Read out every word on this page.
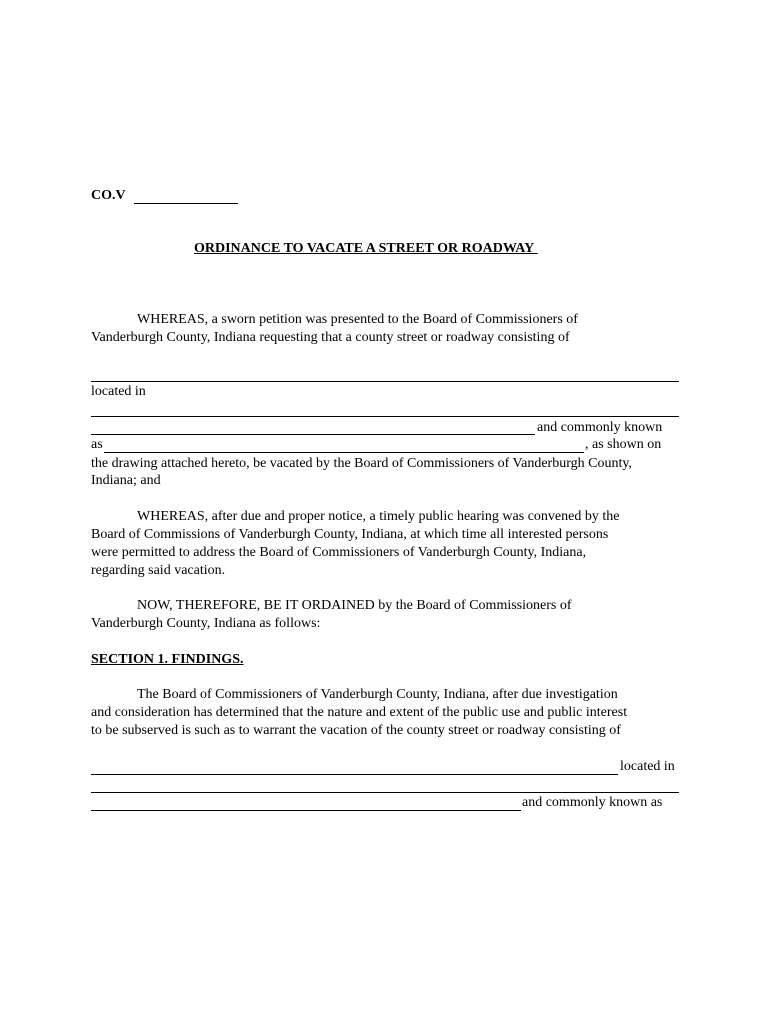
CO.V
ORDINANCE TO VACATE A STREET OR ROADWAY
WHEREAS, a sworn petition was presented to the Board of Commissioners of
Vanderburgh County, Indiana requesting that a county street or roadway consisting of
located in
and commonly known
as	, as shown on
the drawing attached hereto, be vacated by the Board of Commissioners of Vanderburgh County,
Indiana; and
WHEREAS, after due and proper notice, a timely public hearing was convened by the
Board of Commissions of Vanderburgh County, Indiana, at which time all interested persons
were permitted to address the Board of Commissioners of Vanderburgh County, Indiana,
regarding said vacation.
NOW, THEREFORE, BE IT ORDAINED by the Board of Commissioners of
Vanderburgh County, Indiana as follows:
SECTION 1. FINDINGS.
The Board of Commissioners of Vanderburgh County, Indiana, after due investigation
and consideration has determined that the nature and extent of the public use and public interest
to be subserved is such as to warrant the vacation of the county street or roadway consisting of
located in
and commonly known as
